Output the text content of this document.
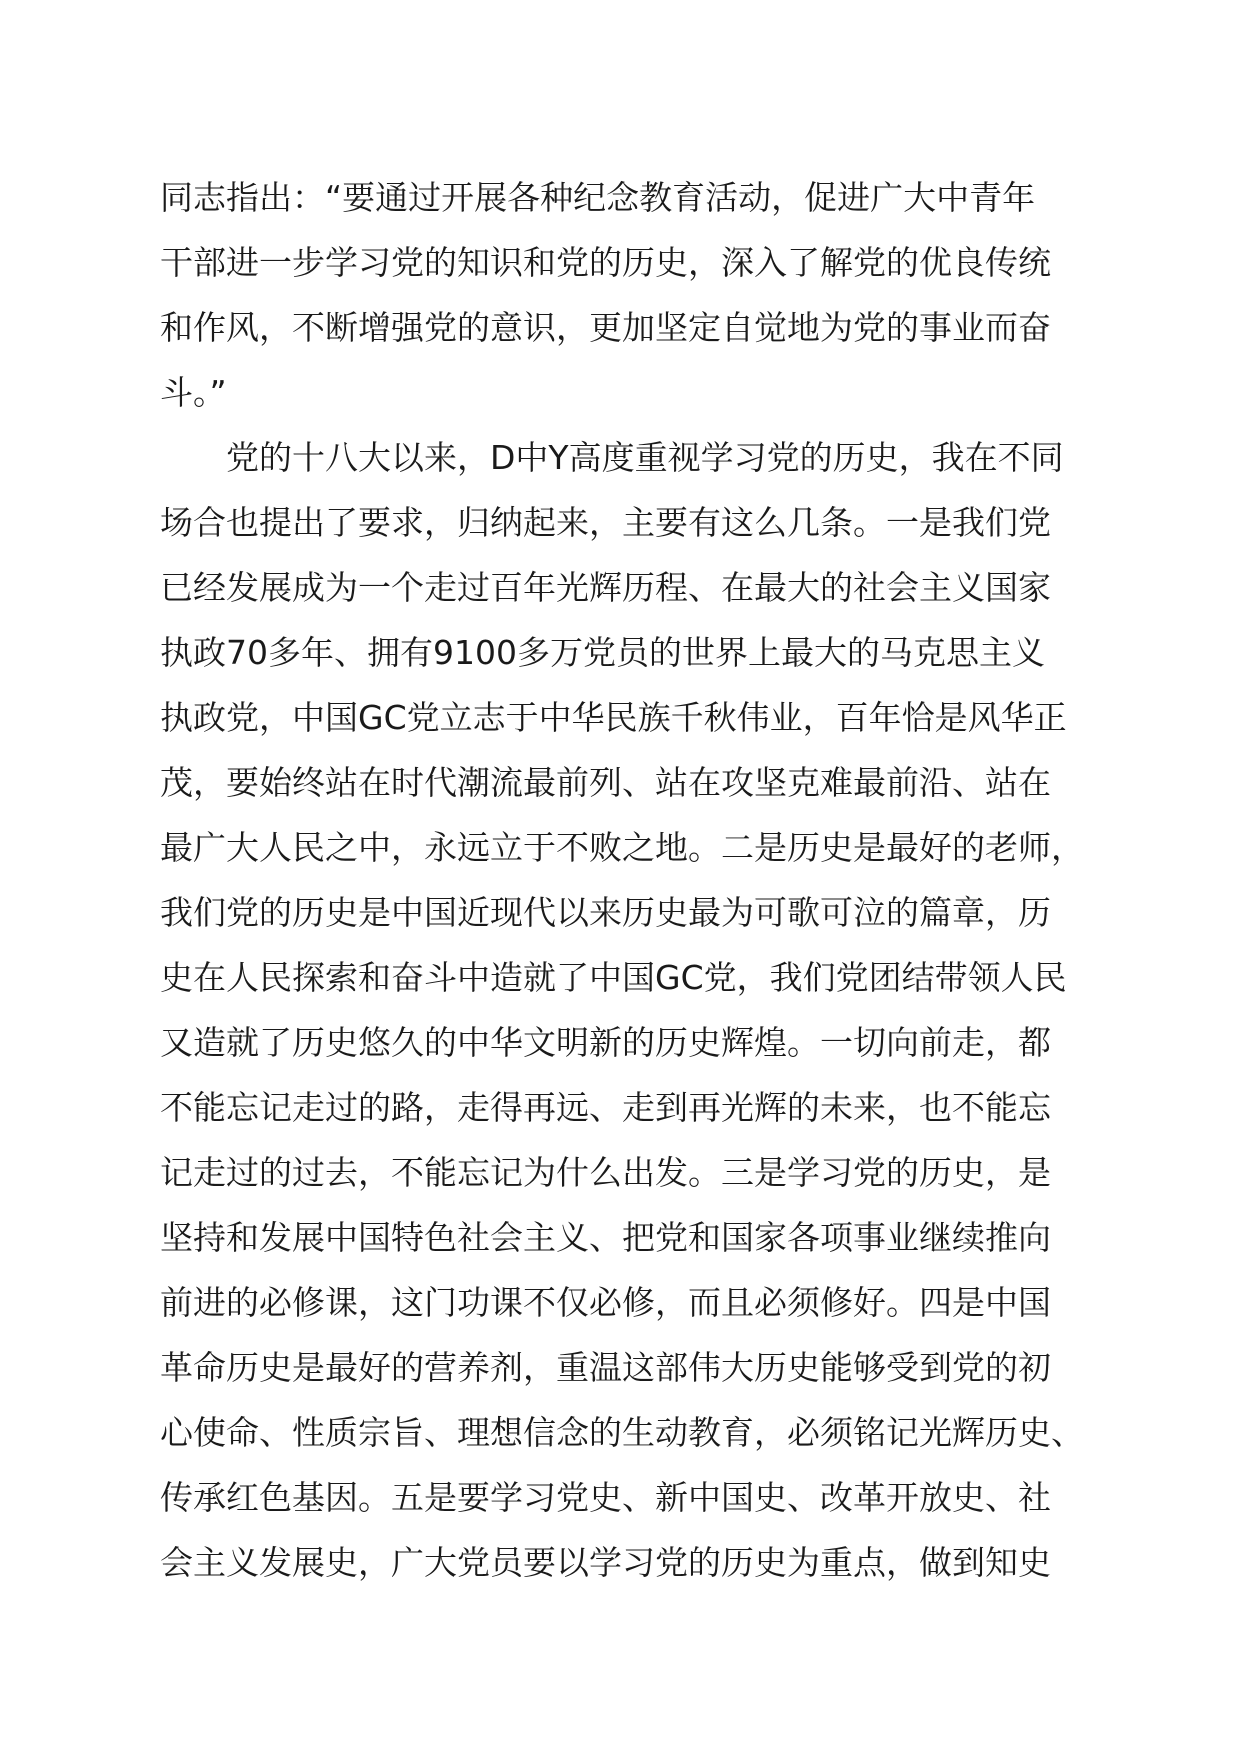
同志指出：“要通过开展各种纪念教育活动，促进广大中青年
干部进一步学习党的知识和党的历史，深入了解党的优良传统
和作风，不断增强党的意识，更加坚定自觉地为党的事业而奋
斗。”
党的十八大以来，D中Y高度重视学习党的历史，我在不同
场合也提出了要求，归纳起来，主要有这么几条。一是我们党
已经发展成为一个走过百年光辉历程、在最大的社会主义国家
执政70多年、拥有9100多万党员的世界上最大的马克思主义
执政党，中国GC党立志于中华民族千秋伟业，百年恰是风华正
茂，要始终站在时代潮流最前列、站在攻坚克难最前沿、站在
最广大人民之中，永远立于不败之地。二是历史是最好的老师，
我们党的历史是中国近现代以来历史最为可歌可泣的篇章，历
史在人民探索和奋斗中造就了中国GC党，我们党团结带领人民
又造就了历史悠久的中华文明新的历史辉煌。一切向前走，都
不能忘记走过的路，走得再远、走到再光辉的未来，也不能忘
记走过的过去，不能忘记为什么出发。三是学习党的历史，是
坚持和发展中国特色社会主义、把党和国家各项事业继续推向
前进的必修课，这门功课不仅必修，而且必须修好。四是中国
革命历史是最好的营养剂，重温这部伟大历史能够受到党的初
心使命、性质宗旨、理想信念的生动教育，必须铭记光辉历史、
传承红色基因。五是要学习党史、新中国史、改革开放史、社
会主义发展史，广大党员要以学习党的历史为重点，做到知史
